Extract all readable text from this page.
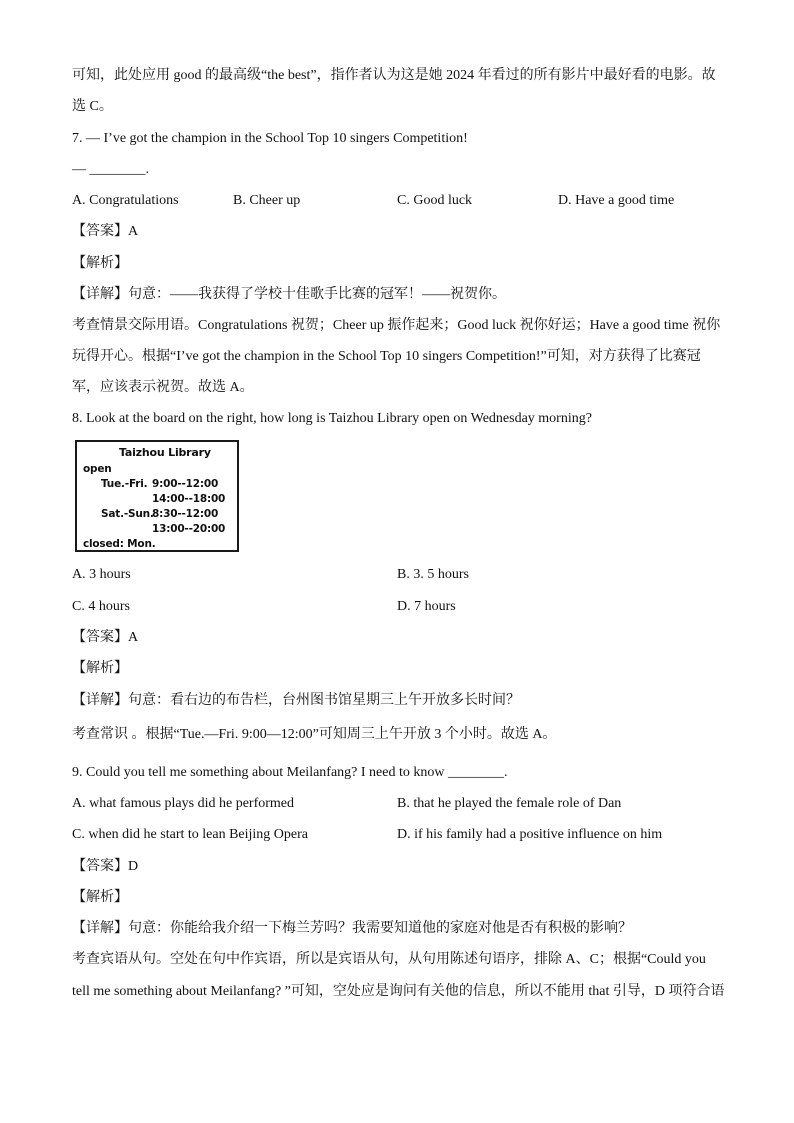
可知，此处应用 good 的最高级“the best”，指作者认为这是她 2024 年看过的所有影片中最好看的电影。故
选 C。
7. — I’ve got the champion in the School Top 10 singers Competition!
— ________.
A. Congratulations	B. Cheer up	C. Good luck	D. Have a good time
【答案】A
【解析】
【详解】句意：——我获得了学校十佳歌手比赛的冠军！——祝贺你。
考查情景交际用语。Congratulations 祝贺；Cheer up 振作起来；Good luck 祝你好运；Have a good time 祝你
玩得开心。根据“I’ve got the champion in the School Top 10 singers Competition!”可知，对方获得了比赛冠
军，应该表示祝贺。故选 A。
8. Look at the board on the right, how long is Taizhou Library open on Wednesday morning?
Taizhou Library
open
Tue.-Fri. 9:00--12:00
14:00--18:00
Sat.-Sun.
8:30--12:00
13:00--20:00
closed: Mon.
A. 3 hours	B. 3. 5 hours
C. 4 hours	D. 7 hours
【答案】A
【解析】
【详解】句意：看右边的布告栏，台州图书馆星期三上午开放多长时间？
考查常识 。根据“Tue.—Fri. 9:00—12:00”可知周三上午开放 3 个小时。故选 A。
9. Could you tell me something about Meilanfang? I need to know ________.
A. what famous plays did he performed	B. that he played the female role of Dan
C. when did he start to lean Beijing Opera	D. if his family had a positive influence on him
【答案】D
【解析】
【详解】句意：你能给我介绍一下梅兰芳吗？我需要知道他的家庭对他是否有积极的影响？
考查宾语从句。空处在句中作宾语，所以是宾语从句，从句用陈述句语序，排除 A、C；根据“Could you
tell me something about Meilanfang? ”可知，空处应是询问有关他的信息，所以不能用 that 引导，D 项符合语
